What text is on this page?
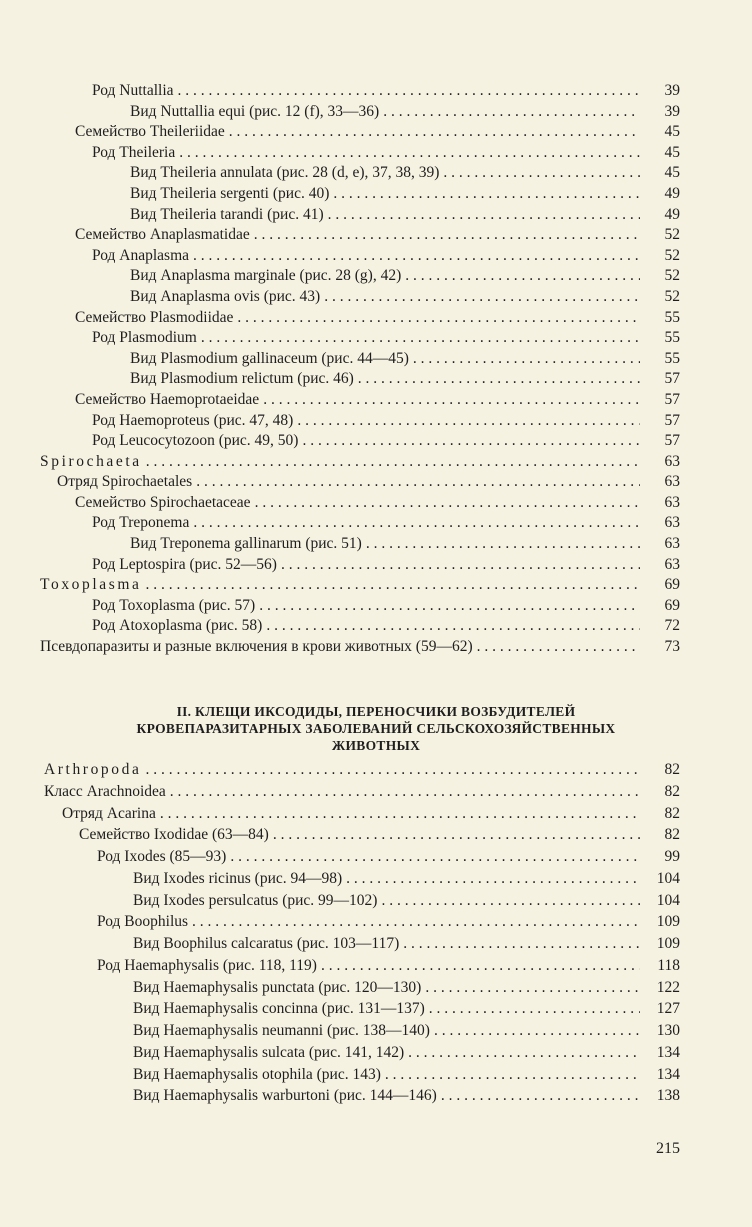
Род Nuttallia . . .	39
Вид Nuttallia equi (рис. 12 (f), 33—36) . . .	39
Семейство Theileriidae . . .	45
Род Theileria . . .	45
Вид Theileria annulata (рис. 28 (d, e), 37, 38, 39) . . .	45
Вид Theileria sergenti (рис. 40) . . .	49
Вид Theileria tarandi (рис. 41) . . .	49
Семейство Anaplasmatidae . . .	52
Род Anaplasma . . .	52
Вид Anaplasma marginale (рис. 28 (g), 42) . . .	52
Вид Anaplasma ovis (рис. 43) . . .	52
Семейство Plasmodiidae . . .	55
Род Plasmodium . . .	55
Вид Plasmodium gallinaceum (рис. 44—45) . . .	55
Вид Plasmodium relictum (рис. 46) . . .	57
Семейство Haemoprotaeidae . . .	57
Род Haemoproteus (рис. 47, 48) . . .	57
Род Leucocytozoon (рис. 49, 50) . . .	57
Spirochaeta . . .	63
Отряд Spirochaetales . . .	63
Семейство Spirochaetaceae . . .	63
Род Treponema . . .	63
Вид Treponema gallinarum (рис. 51) . . .	63
Род Leptospira (рис. 52—56) . . .	63
Toxoplasma . . .	69
Род Toxoplasma (рис. 57) . . .	69
Род Atoxoplasma (рис. 58) . . .	72
Псевдопаразиты и разные включения в крови животных (59—62) . . .	73
II. КЛЕЩИ ИКСОДИДЫ, ПЕРЕНОСЧИКИ ВОЗБУДИТЕЛЕЙ
КРОВЕПАРАЗИТАРНЫХ ЗАБОЛЕВАНИЙ СЕЛЬСКОХОЗЯЙСТВЕННЫХ
ЖИВОТНЫХ
Arthropoda . . .	82
Класс Arachnoidea . . .	82
Отряд Acarina . . .	82
Семейство Ixodidae (63—84) . . .	82
Род Ixodes (85—93) . . .	99
Вид Ixodes ricinus (рис. 94—98) . . .	104
Вид Ixodes persulcatus (рис. 99—102) . . .	104
Род Boophilus . . .	109
Вид Boophilus calcaratus (рис. 103—117) . . .	109
Род Haemaphysalis (рис. 118, 119) . . .	118
Вид Haemaphysalis punctata (рис. 120—130) . . .	122
Вид Haemaphysalis concinna (рис. 131—137) . . .	127
Вид Haemaphysalis neumanni (рис. 138—140) . . .	130
Вид Haemaphysalis sulcata (рис. 141, 142) . . .	134
Вид Haemaphysalis otophila (рис. 143) . . .	134
Вид Haemaphysalis warburtoni (рис. 144—146) . . .	138
215
